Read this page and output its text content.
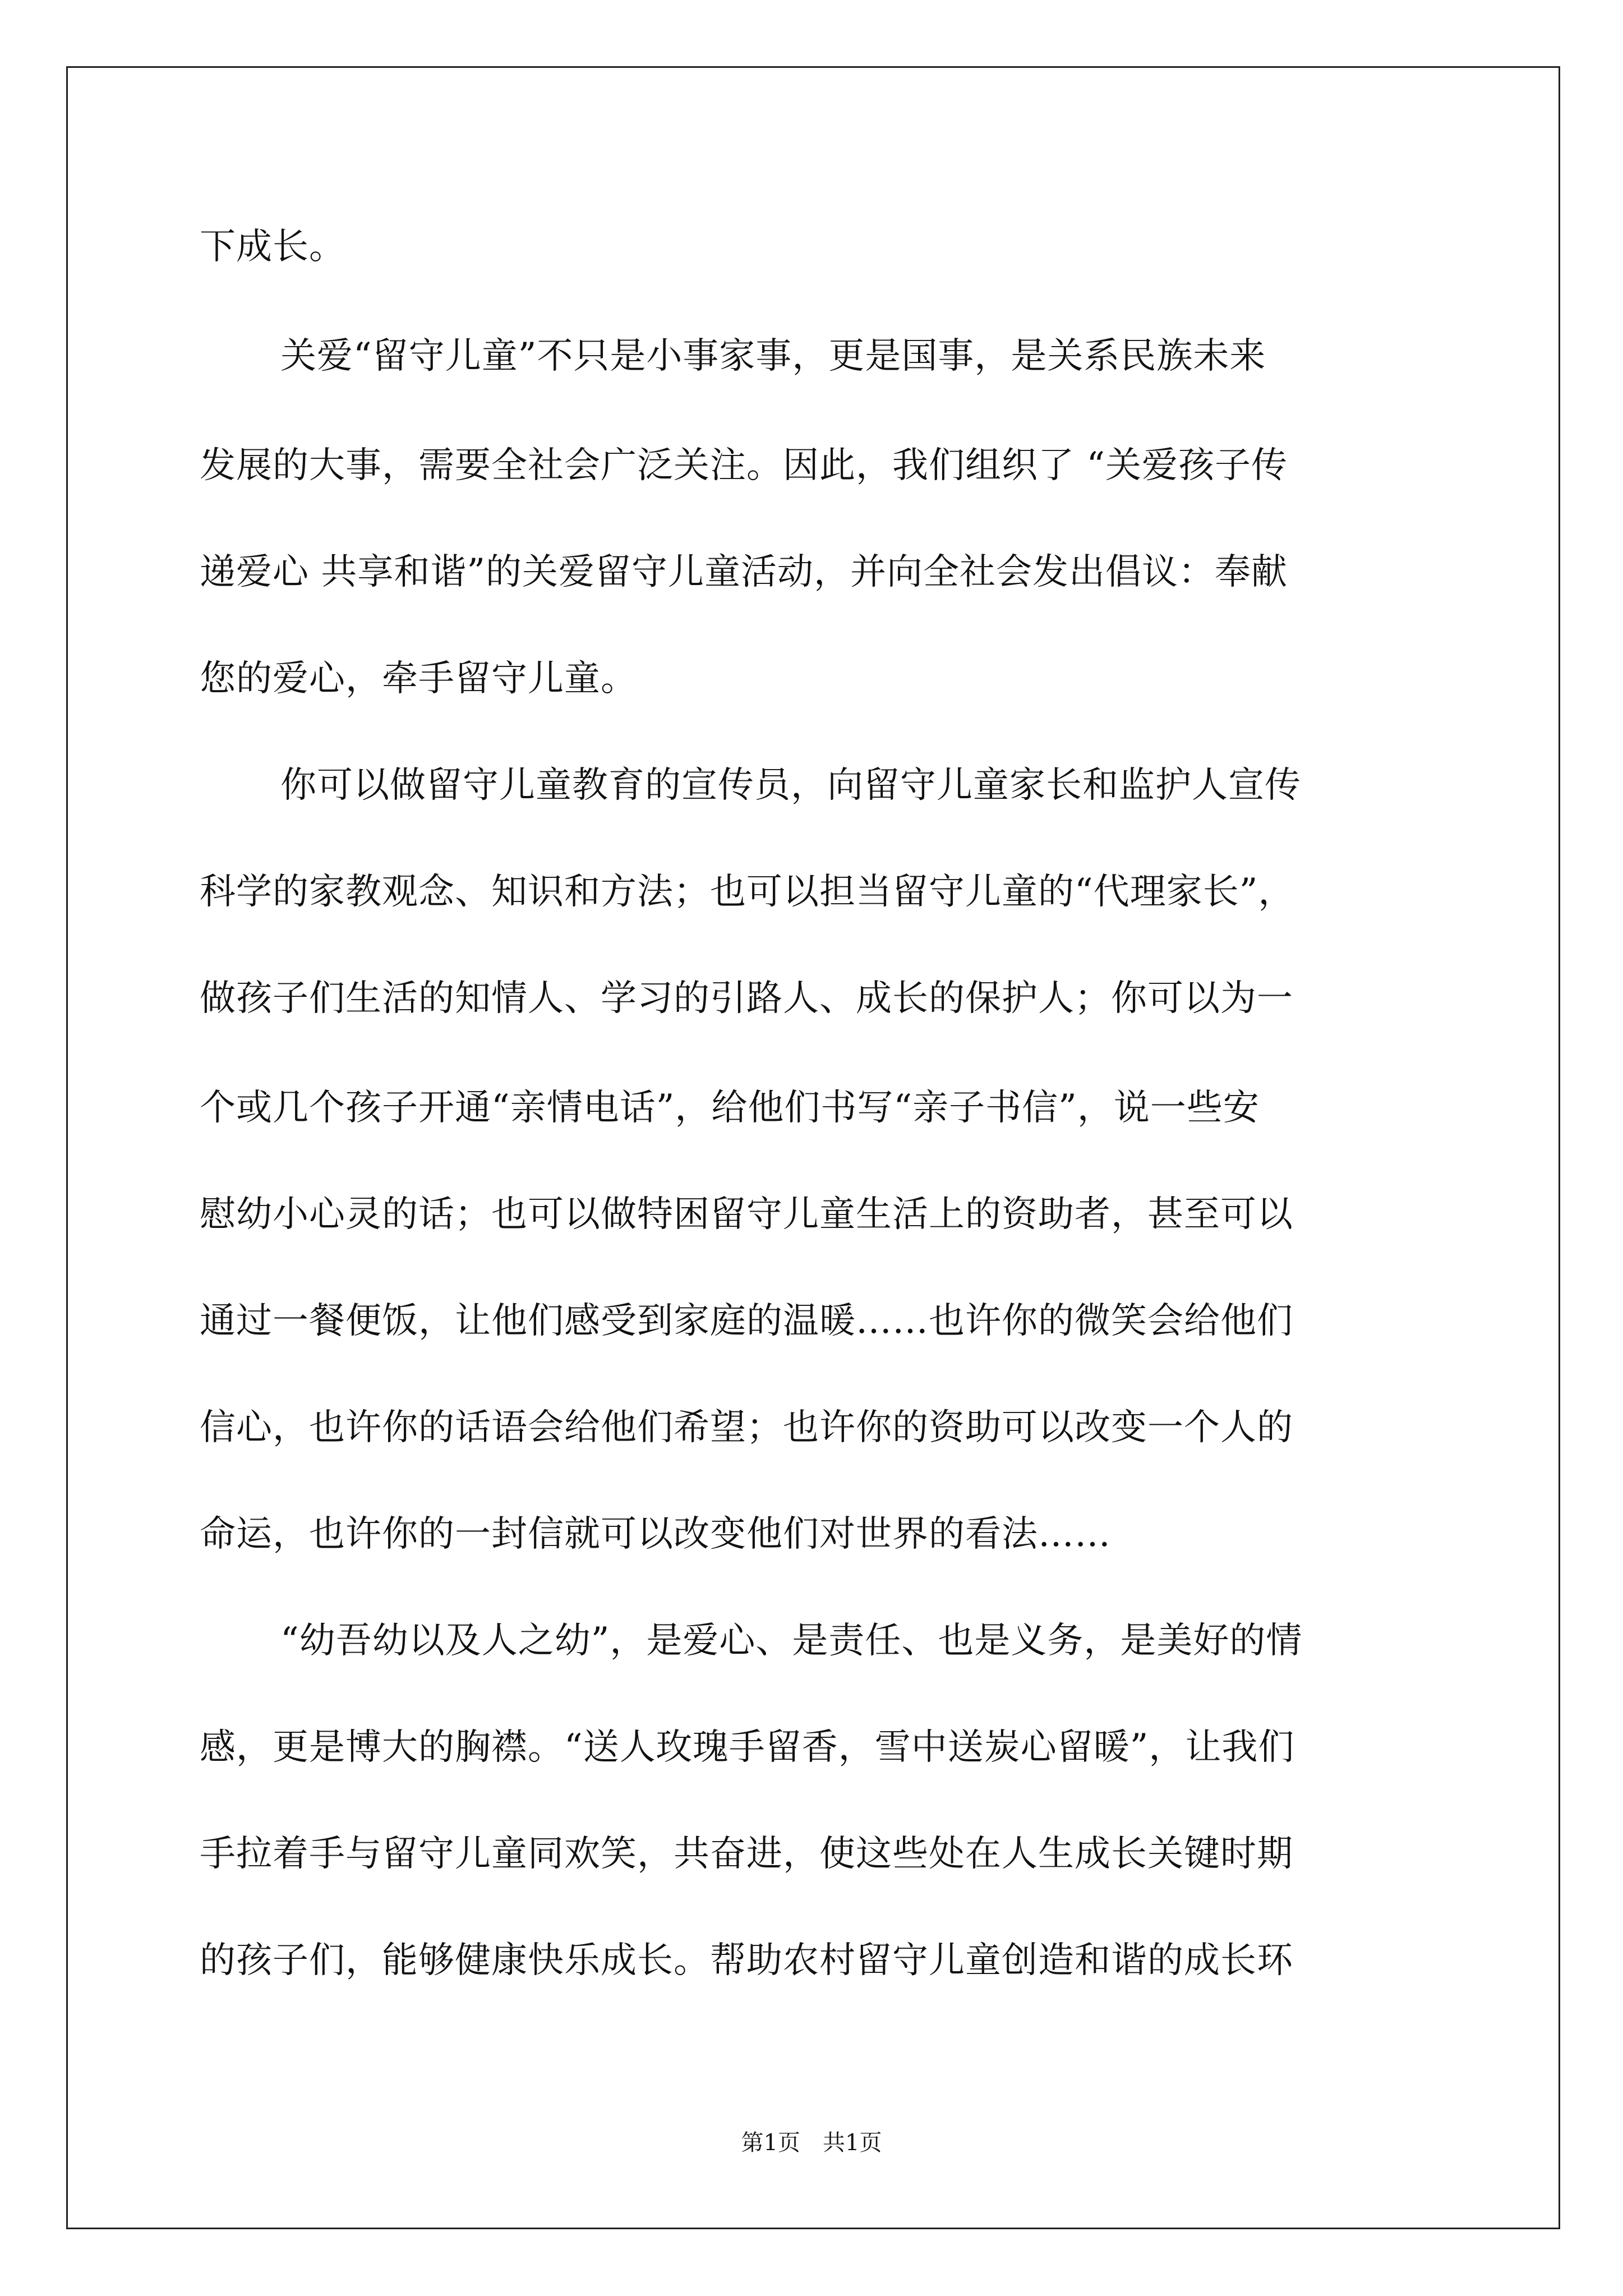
下成长。
关爱“留守儿童”不只是小事家事，更是国事，是关系民族未来
发展的大事，需要全社会广泛关注。因此，我们组织了 “关爱孩子传
递爱心 共享和谐”的关爱留守儿童活动，并向全社会发出倡议：奉献
您的爱心，牵手留守儿童。
你可以做留守儿童教育的宣传员，向留守儿童家长和监护人宣传
科学的家教观念、知识和方法；也可以担当留守儿童的“代理家长”，
做孩子们生活的知情人、学习的引路人、成长的保护人；你可以为一
个或几个孩子开通“亲情电话”，给他们书写“亲子书信”，说一些安
慰幼小心灵的话；也可以做特困留守儿童生活上的资助者，甚至可以
通过一餐便饭，让他们感受到家庭的温暖……也许你的微笑会给他们
信心，也许你的话语会给他们希望；也许你的资助可以改变一个人的
命运，也许你的一封信就可以改变他们对世界的看法……
“幼吾幼以及人之幼”，是爱心、是责任、也是义务，是美好的情
感，更是博大的胸襟。“送人玫瑰手留香，雪中送炭心留暖”，让我们
手拉着手与留守儿童同欢笑，共奋进，使这些处在人生成长关键时期
的孩子们，能够健康快乐成长。帮助农村留守儿童创造和谐的成长环
第1页　共1页
